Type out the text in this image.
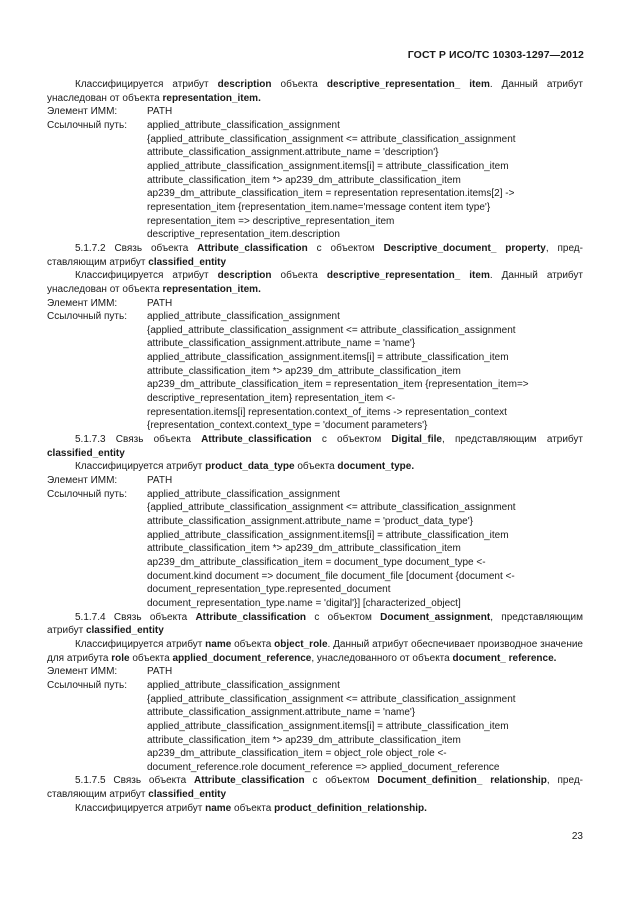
ГОСТ Р ИСО/ТС 10303-1297—2012

Классифицируется атрибут description объекта descriptive_representation_ item. Данный атрибут унаследован от объекта representation_item.

Элемент ИММ:	PATH
Ссылочный путь:	applied_attribute_classification_assignment
{applied_attribute_classification_assignment <= attribute_classification_assignment
attribute_classification_assignment.attribute_name = 'description'}
applied_attribute_classification_assignment.items[i] = attribute_classification_item
attribute_classification_item *> ap239_dm_attribute_classification_item
ap239_dm_attribute_classification_item = representation representation.items[2] ->
representation_item {representation_item.name='message content item type'}
representation_item => descriptive_representation_item
descriptive_representation_item.description

5.1.7.2 Связь объекта Attribute_classification с объектом Descriptive_document_ property, представляющим атрибут classified_entity

Классифицируется атрибут description объекта descriptive_representation_ item. Данный атрибут унаследован от объекта representation_item.

Элемент ИММ:	PATH
Ссылочный путь:	applied_attribute_classification_assignment
{applied_attribute_classification_assignment <= attribute_classification_assignment
attribute_classification_assignment.attribute_name = 'name'}
applied_attribute_classification_assignment.items[i] = attribute_classification_item
attribute_classification_item *> ap239_dm_attribute_classification_item
ap239_dm_attribute_classification_item = representation_item {representation_item=>
descriptive_representation_item} representation_item <-
representation.items[i] representation.context_of_items -> representation_context
{representation_context.context_type = 'document parameters'}

5.1.7.3 Связь объекта Attribute_classification с объектом Digital_file, представляющим атрибут classified_entity

Классифицируется атрибут product_data_type объекта document_type.

Элемент ИММ:	PATH
Ссылочный путь:	applied_attribute_classification_assignment
{applied_attribute_classification_assignment <= attribute_classification_assignment
attribute_classification_assignment.attribute_name = 'product_data_type'}
applied_attribute_classification_assignment.items[i] = attribute_classification_item
attribute_classification_item *> ap239_dm_attribute_classification_item
ap239_dm_attribute_classification_item = document_type document_type <-
document.kind document => document_file document_file [document {document <-
document_representation_type.represented_document
document_representation_type.name = 'digital'}] [characterized_object]

5.1.7.4 Связь объекта Attribute_classification с объектом Document_assignment, представляющим атрибут classified_entity

Классифицируется атрибут name объекта object_role. Данный атрибут обеспечивает производное значение для атрибута role объекта applied_document_reference, унаследованного от объекта document_ reference.

Элемент ИММ:	PATH
Ссылочный путь:	applied_attribute_classification_assignment
{applied_attribute_classification_assignment <= attribute_classification_assignment
attribute_classification_assignment.attribute_name = 'name'}
applied_attribute_classification_assignment.items[i] = attribute_classification_item
attribute_classification_item *> ap239_dm_attribute_classification_item
ap239_dm_attribute_classification_item = object_role object_role <-
document_reference.role document_reference => applied_document_reference

5.1.7.5 Связь объекта Attribute_classification с объектом Document_definition_ relationship, представляющим атрибут classified_entity

Классифицируется атрибут name объекта product_definition_relationship.

23
